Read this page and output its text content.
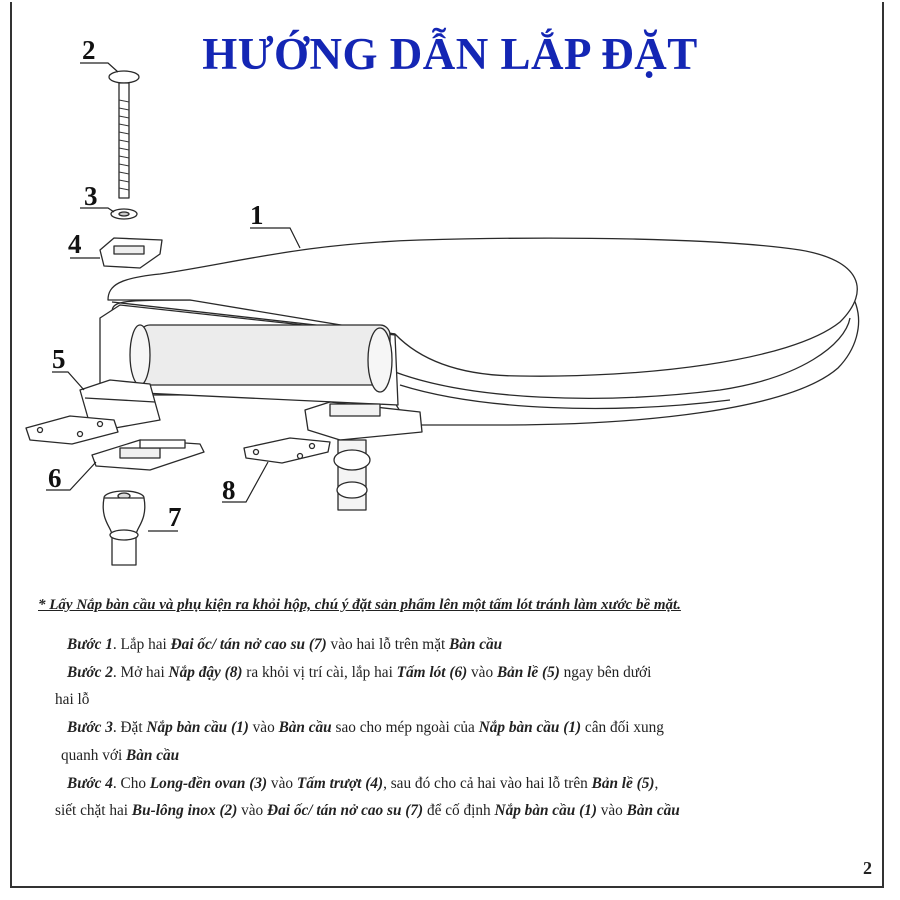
HƯỚNG DẪN LẮP ĐẶT
1
2
3
4
5
6
7
8

* Lấy Nắp bàn cầu và phụ kiện ra khỏi hộp, chú ý đặt sản phẩm lên một tấm lót tránh làm xước bề mặt.

Bước 1. Lắp hai Đai ốc/ tán nở cao su (7) vào hai lỗ trên mặt Bàn cầu

Bước 2. Mở hai Nắp đậy (8) ra khỏi vị trí cài, lắp hai Tấm lót (6) vào Bản lề (5) ngay bên dưới

hai lỗ

Bước 3. Đặt Nắp bàn cầu (1) vào Bàn cầu sao cho mép ngoài của Nắp bàn cầu (1) cân đối xung

quanh với Bàn cầu

Bước 4. Cho Long-đền ovan (3) vào Tấm trượt (4), sau đó cho cả hai vào hai lỗ trên Bản lề (5),

siết chặt hai Bu-lông inox (2) vào Đai ốc/ tán nở cao su (7) để cố định Nắp bàn cầu (1) vào Bàn cầu

2
